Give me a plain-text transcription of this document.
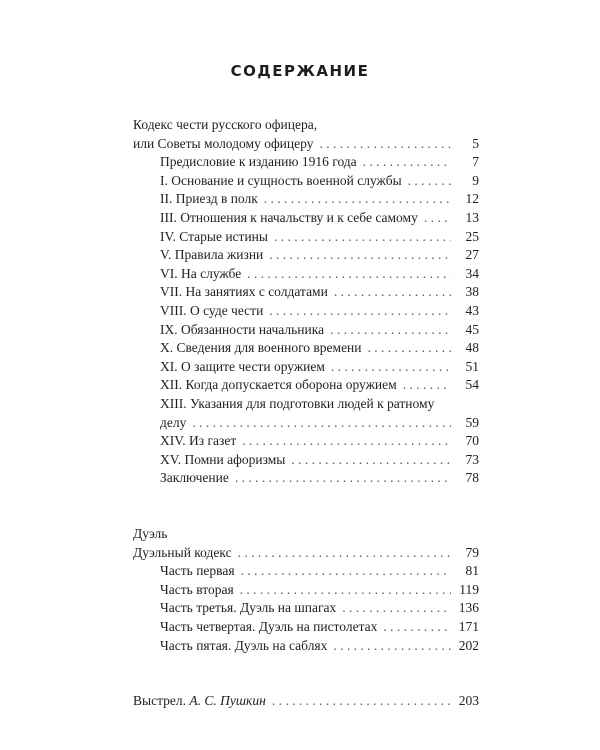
СОДЕРЖАНИЕ
Кодекс чести русского офицера,
или Советы молодому офицеру . . .	5
Предисловие к изданию 1916 года . . .	7
I. Основание и сущность военной службы . . .	9
II. Приезд в полк . . .	12
III. Отношения к начальству и к себе самому . . .	13
IV. Старые истины . . .	25
V. Правила жизни . . .	27
VI. На службе . . .	34
VII. На занятиях с солдатами . . .	38
VIII. О суде чести . . .	43
IX. Обязанности начальника . . .	45
X. Сведения для военного времени . . .	48
XI. О защите чести оружием . . .	51
XII. Когда допускается оборона оружием . . .	54
XIII. Указания для подготовки людей к ратному
делу . . .	59
XIV. Из газет . . .	70
XV. Помни афоризмы . . .	73
Заключение . . .	78
Дуэль
Дуэльный кодекс . . .	79
Часть первая . . .	81
Часть вторая . . .	119
Часть третья. Дуэль на шпагах . . .	136
Часть четвертая. Дуэль на пистолетах . . .	171
Часть пятая. Дуэль на саблях . . .	202
Выстрел. А. С. Пушкин . . .	203
